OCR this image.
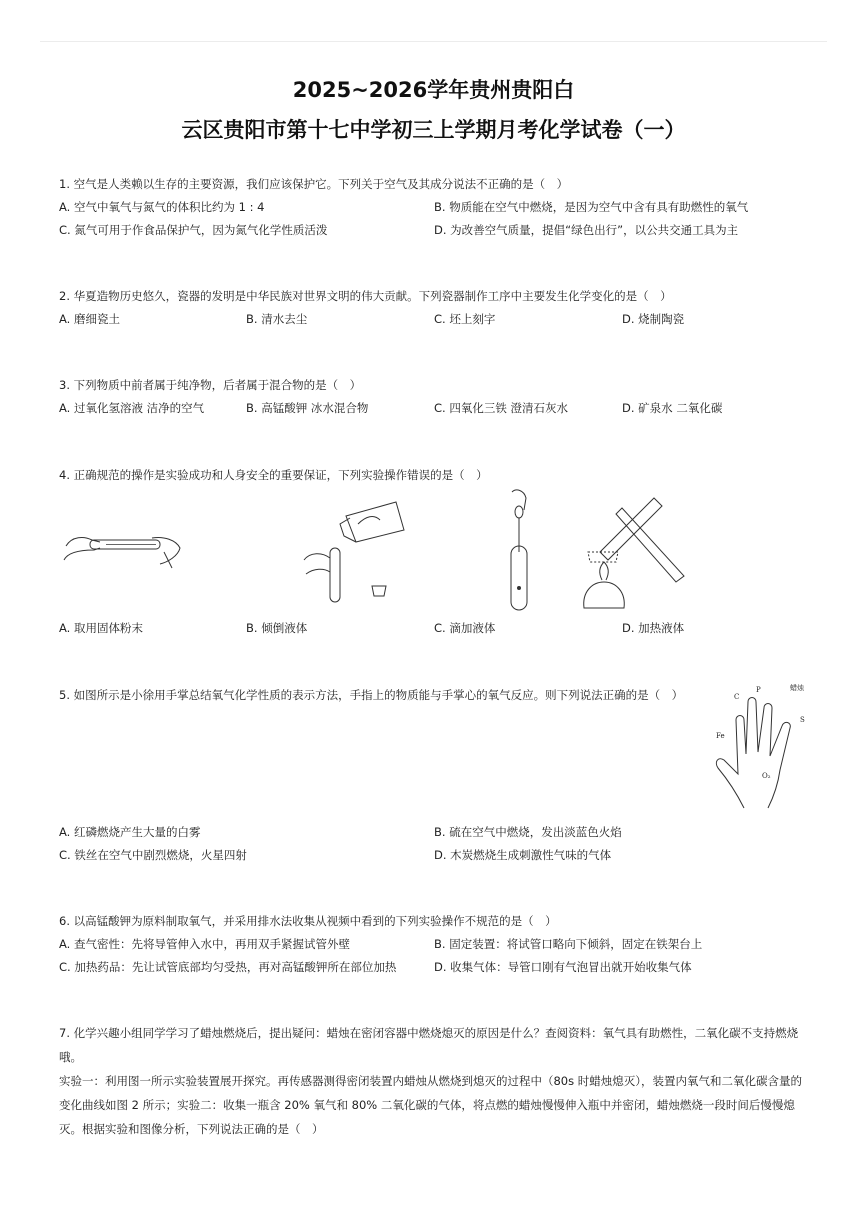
2025~2026学年贵州贵阳白
云区贵阳市第十七中学初三上学期月考化学试卷（一）
1. 空气是人类赖以生存的主要资源，我们应该保护它。下列关于空气及其成分说法不正确的是（　）
A. 空气中氧气与氮气的体积比约为 1 : 4	B. 物质能在空气中燃烧，是因为空气中含有具有助燃性的氧气
C. 氮气可用于作食品保护气，因为氮气化学性质活泼	D. 为改善空气质量，提倡“绿色出行”，以公共交通工具为主
2. 华夏造物历史悠久，瓷器的发明是中华民族对世界文明的伟大贡献。下列瓷器制作工序中主要发生化学变化的是（　）
A. 磨细瓷土	B. 清水去尘	C. 坯上刻字	D. 烧制陶瓷
3. 下列物质中前者属于纯净物，后者属于混合物的是（　）
A. 过氧化氢溶液 洁净的空气	B. 高锰酸钾 冰水混合物	C. 四氧化三铁 澄清石灰水	D. 矿泉水 二氧化碳
4. 正确规范的操作是实验成功和人身安全的重要保证，下列实验操作错误的是（　）
A. 取用固体粉末	B. 倾倒液体	C. 滴加液体	D. 加热液体
5. 如图所示是小徐用手掌总结氧气化学性质的表示方法，手指上的物质能与手掌心的氧气反应。则下列说法正确的是（　）	C
P	蜡烛
S
Fe
O₂
A. 红磷燃烧产生大量的白雾	B. 硫在空气中燃烧，发出淡蓝色火焰
C. 铁丝在空气中剧烈燃烧，火星四射	D. 木炭燃烧生成刺激性气味的气体
6. 以高锰酸钾为原料制取氧气，并采用排水法收集从视频中看到的下列实验操作不规范的是（　）
A. 查气密性：先将导管伸入水中，再用双手紧握试管外壁	B. 固定装置：将试管口略向下倾斜，固定在铁架台上
C. 加热药品：先让试管底部均匀受热，再对高锰酸钾所在部位加热	D. 收集气体：导管口刚有气泡冒出就开始收集气体
7. 化学兴趣小组同学学习了蜡烛燃烧后，提出疑问：蜡烛在密闭容器中燃烧熄灭的原因是什么？查阅资料：氧气具有助燃性，二氧化碳不支持燃烧
哦。
实验一：利用图一所示实验装置展开探究。再传感器测得密闭装置内蜡烛从燃烧到熄灭的过程中（80s 时蜡烛熄灭），装置内氧气和二氧化碳含量的
变化曲线如图 2 所示；实验二：收集一瓶含 20% 氧气和 80% 二氧化碳的气体，将点燃的蜡烛慢慢伸入瓶中并密闭，蜡烛燃烧一段时间后慢慢熄
灭。根据实验和图像分析，下列说法正确的是（　）
